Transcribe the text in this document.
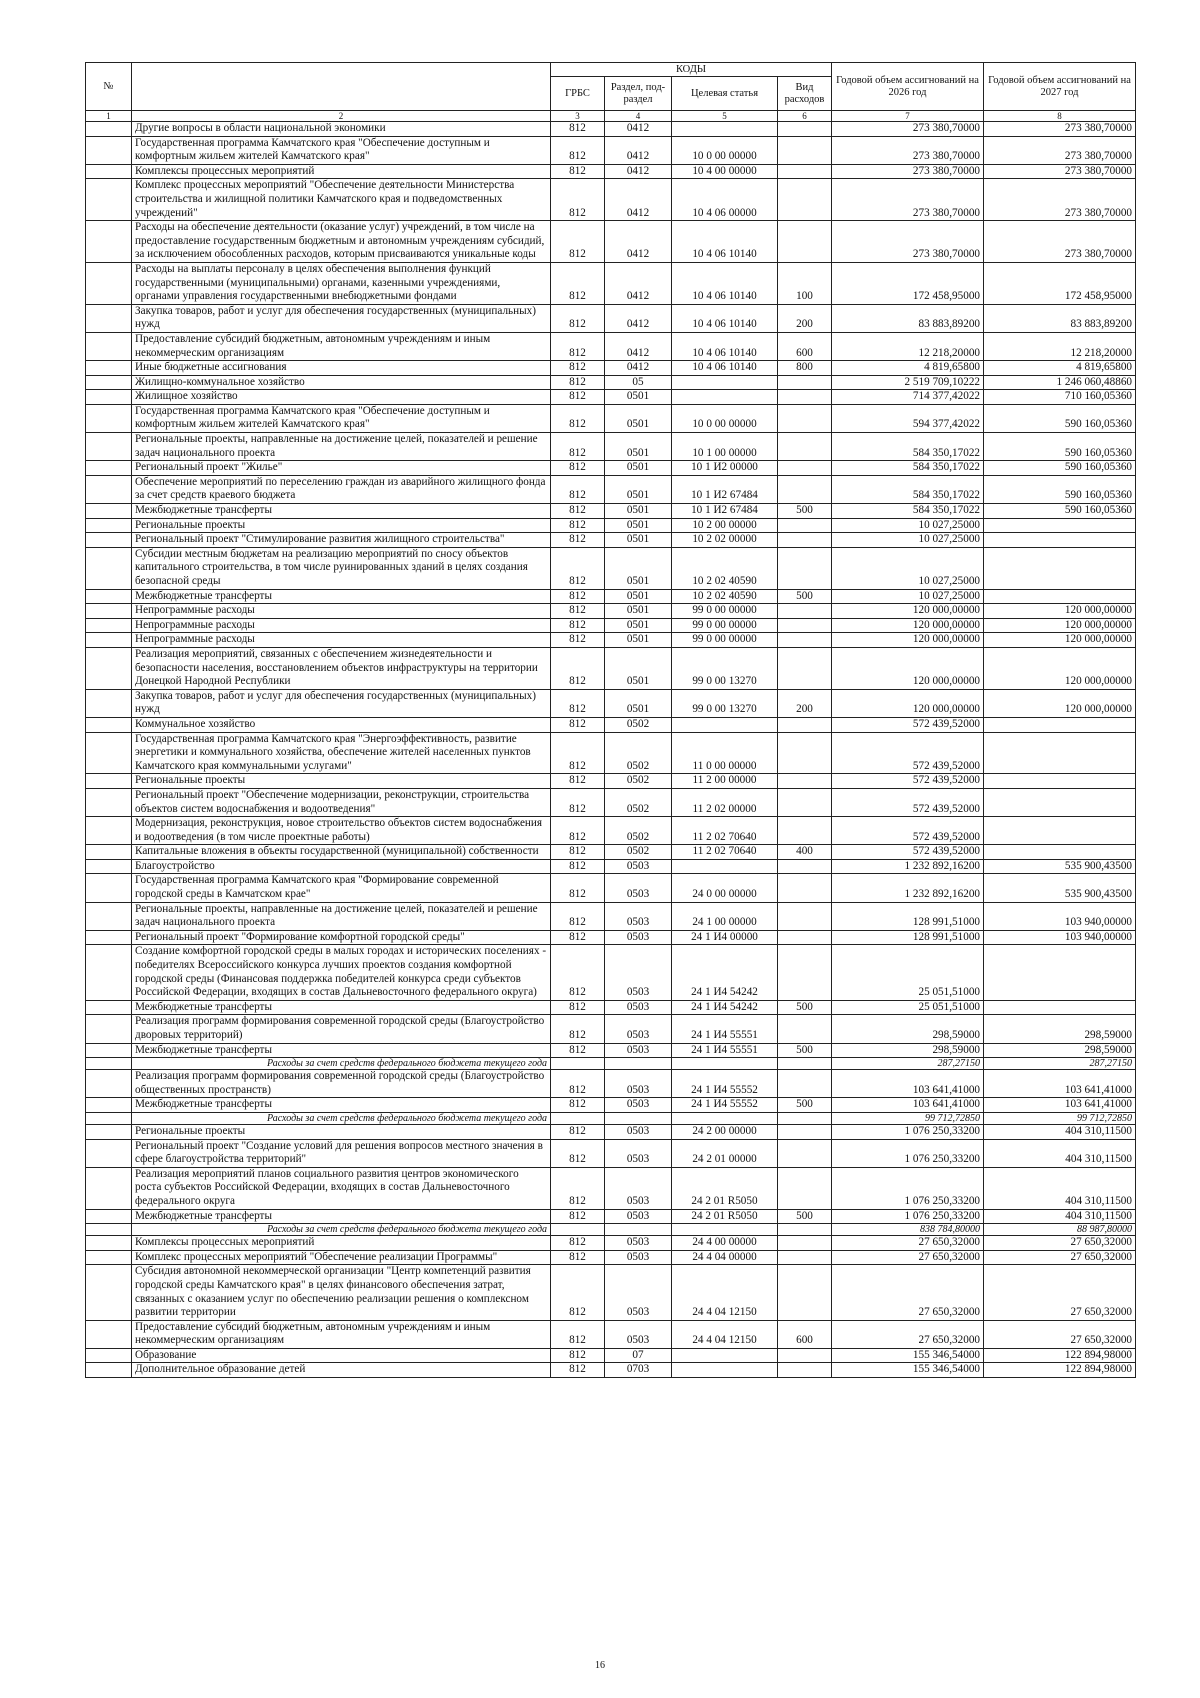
№		КОДЫ				Годовой объем ассигнований на 2026 год	Годовой объем ассигнований на 2027 год
		ГРБС	Раздел, под-раздел	Целевая статья	Вид расходов		
1	2	3	4	5	6	7	8
	Другие вопросы в области национальной экономики	812	0412			273 380,70000	273 380,70000
	Государственная программа Камчатского края "Обеспечение доступным и комфортным жильем жителей Камчатского края"	812	0412	10 0 00 00000		273 380,70000	273 380,70000
	Комплексы процессных мероприятий	812	0412	10 4 00 00000		273 380,70000	273 380,70000
	Комплекс процессных мероприятий "Обеспечение деятельности Министерства строительства и жилищной политики Камчатского края и подведомственных учреждений"	812	0412	10 4 06 00000		273 380,70000	273 380,70000
	Расходы на обеспечение деятельности (оказание услуг) учреждений, в том числе на предоставление государственным бюджетным и автономным учреждениям субсидий, за исключением обособленных расходов, которым присваиваются уникальные коды	812	0412	10 4 06 10140		273 380,70000	273 380,70000
	Расходы на выплаты персоналу в целях обеспечения выполнения функций государственными (муниципальными) органами, казенными учреждениями, органами управления государственными внебюджетными фондами	812	0412	10 4 06 10140	100	172 458,95000	172 458,95000
	Закупка товаров, работ и услуг для обеспечения государственных (муниципальных) нужд	812	0412	10 4 06 10140	200	83 883,89200	83 883,89200
	Предоставление субсидий бюджетным, автономным учреждениям и иным некоммерческим организациям	812	0412	10 4 06 10140	600	12 218,20000	12 218,20000
	Иные бюджетные ассигнования	812	0412	10 4 06 10140	800	4 819,65800	4 819,65800
	Жилищно-коммунальное хозяйство	812	05			2 519 709,10222	1 246 060,48860
	Жилищное хозяйство	812	0501			714 377,42022	710 160,05360
	Государственная программа Камчатского края "Обеспечение доступным и комфортным жильем жителей Камчатского края"	812	0501	10 0 00 00000		594 377,42022	590 160,05360
	Региональные проекты, направленные на достижение целей, показателей и решение задач национального проекта	812	0501	10 1 00 00000		584 350,17022	590 160,05360
	Региональный проект "Жилье"	812	0501	10 1 И2 00000		584 350,17022	590 160,05360
	Обеспечение мероприятий по переселению граждан из аварийного жилищного фонда за счет средств краевого бюджета	812	0501	10 1 И2 67484		584 350,17022	590 160,05360
	Межбюджетные трансферты	812	0501	10 1 И2 67484	500	584 350,17022	590 160,05360
	Региональные проекты	812	0501	10 2 00 00000		10 027,25000	
	Региональный проект "Стимулирование развития жилищного строительства"	812	0501	10 2 02 00000		10 027,25000	
	Субсидии местным бюджетам на реализацию мероприятий по сносу объектов капитального строительства, в том числе руинированных зданий в целях создания безопасной среды	812	0501	10 2 02 40590		10 027,25000	
	Межбюджетные трансферты	812	0501	10 2 02 40590	500	10 027,25000	
	Непрограммные расходы	812	0501	99 0 00 00000		120 000,00000	120 000,00000
	Непрограммные расходы	812	0501	99 0 00 00000		120 000,00000	120 000,00000
	Непрограммные расходы	812	0501	99 0 00 00000		120 000,00000	120 000,00000
	Реализация мероприятий, связанных с обеспечением жизнедеятельности и безопасности населения, восстановлением объектов инфраструктуры на территории Донецкой Народной Республики	812	0501	99 0 00 13270		120 000,00000	120 000,00000
	Закупка товаров, работ и услуг для обеспечения государственных (муниципальных) нужд	812	0501	99 0 00 13270	200	120 000,00000	120 000,00000
	Коммунальное хозяйство	812	0502			572 439,52000	
	Государственная программа Камчатского края "Энергоэффективность, развитие энергетики и коммунального хозяйства, обеспечение жителей населенных пунктов Камчатского края коммунальными услугами"	812	0502	11 0 00 00000		572 439,52000	
	Региональные проекты	812	0502	11 2 00 00000		572 439,52000	
	Региональный проект "Обеспечение модернизации, реконструкции, строительства объектов систем водоснабжения и водоотведения"	812	0502	11 2 02 00000		572 439,52000	
	Модернизация, реконструкция, новое строительство объектов систем водоснабжения и водоотведения (в том числе проектные работы)	812	0502	11 2 02 70640		572 439,52000	
	Капитальные вложения в объекты государственной (муниципальной) собственности	812	0502	11 2 02 70640	400	572 439,52000	
	Благоустройство	812	0503			1 232 892,16200	535 900,43500
	Государственная программа Камчатского края "Формирование современной городской среды в Камчатском крае"	812	0503	24 0 00 00000		1 232 892,16200	535 900,43500
	Региональные проекты, направленные на достижение целей, показателей и решение задач национального проекта	812	0503	24 1 00 00000		128 991,51000	103 940,00000
	Региональный проект "Формирование комфортной городской среды"	812	0503	24 1 И4 00000		128 991,51000	103 940,00000
	Создание комфортной городской среды в малых городах и исторических поселениях - победителях Всероссийского конкурса лучших проектов создания комфортной городской среды (Финансовая поддержка победителей конкурса среди субъектов Российской Федерации, входящих в состав Дальневосточного федерального округа)	812	0503	24 1 И4 54242		25 051,51000	
	Межбюджетные трансферты	812	0503	24 1 И4 54242	500	25 051,51000	
	Реализация программ формирования современной городской среды (Благоустройство дворовых территорий)	812	0503	24 1 И4 55551		298,59000	298,59000
	Межбюджетные трансферты	812	0503	24 1 И4 55551	500	298,59000	298,59000
	Расходы за счет средств федерального бюджета текущего года					287,27150	287,27150
	Реализация программ формирования современной городской среды (Благоустройство общественных пространств)	812	0503	24 1 И4 55552		103 641,41000	103 641,41000
	Межбюджетные трансферты	812	0503	24 1 И4 55552	500	103 641,41000	103 641,41000
	Расходы за счет средств федерального бюджета текущего года					99 712,72850	99 712,72850
	Региональные проекты	812	0503	24 2 00 00000		1 076 250,33200	404 310,11500
	Региональный проект "Создание условий для решения вопросов местного значения в сфере благоустройства территорий"	812	0503	24 2 01 00000		1 076 250,33200	404 310,11500
	Реализация мероприятий планов социального развития центров экономического роста субъектов Российской Федерации, входящих в состав Дальневосточного федерального округа	812	0503	24 2 01 R5050		1 076 250,33200	404 310,11500
	Межбюджетные трансферты	812	0503	24 2 01 R5050	500	1 076 250,33200	404 310,11500
	Расходы за счет средств федерального бюджета текущего года					838 784,80000	88 987,80000
	Комплексы процессных мероприятий	812	0503	24 4 00 00000		27 650,32000	27 650,32000
	Комплекс процессных мероприятий "Обеспечение реализации Программы"	812	0503	24 4 04 00000		27 650,32000	27 650,32000
	Субсидия автономной некоммерческой организации "Центр компетенций развития городской среды Камчатского края" в целях финансового обеспечения затрат, связанных с оказанием услуг по обеспечению реализации решения о комплексном развитии территории	812	0503	24 4 04 12150		27 650,32000	27 650,32000
	Предоставление субсидий бюджетным, автономным учреждениям и иным некоммерческим организациям	812	0503	24 4 04 12150	600	27 650,32000	27 650,32000
	Образование	812	07			155 346,54000	122 894,98000
	Дополнительное образование детей	812	0703			155 346,54000	122 894,98000
16
